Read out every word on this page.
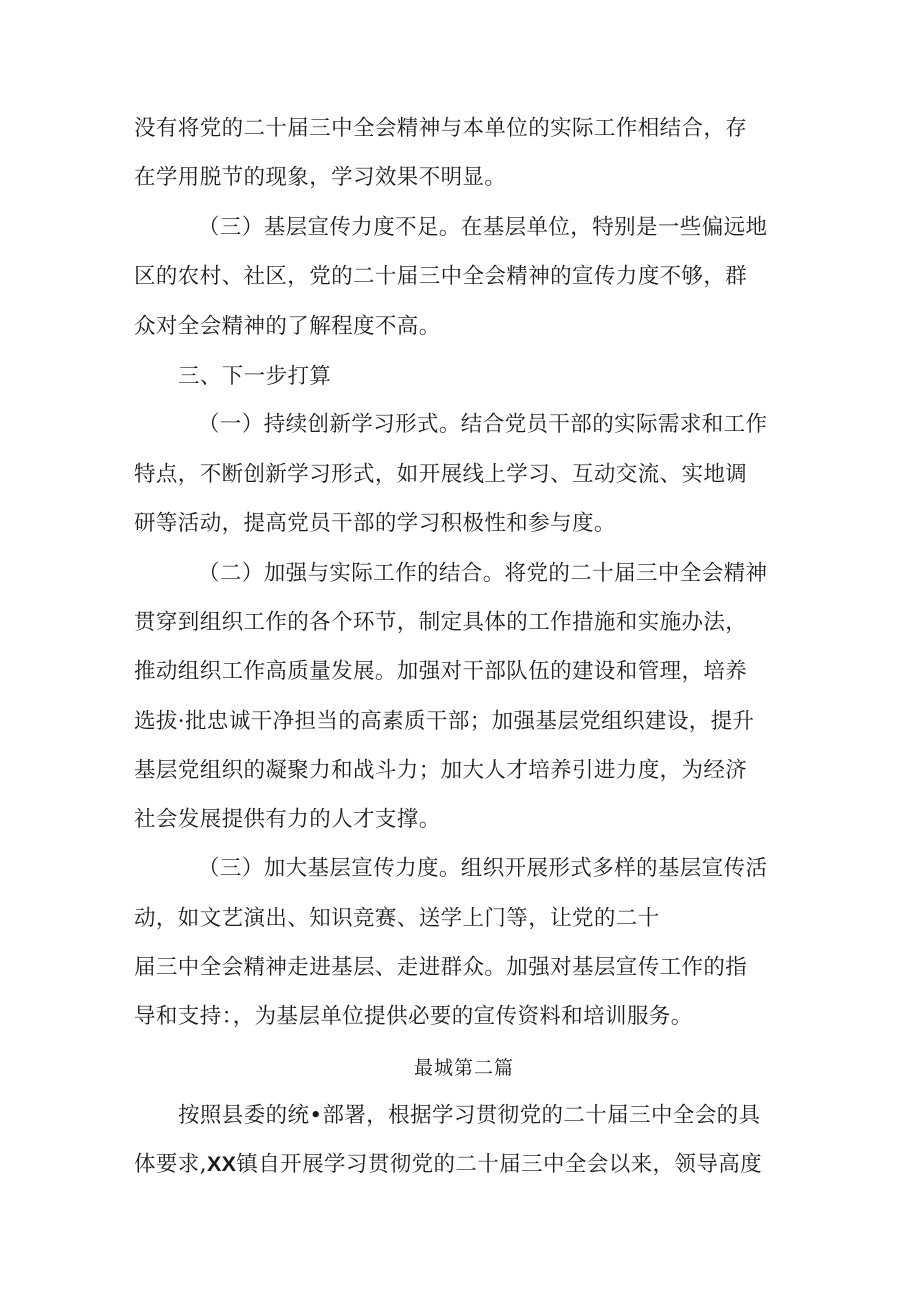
没有将党的二十届三中全会精神与本单位的实际工作相结合，存
在学用脱节的现象，学习效果不明显。
（三）基层宣传力度不足。在基层单位，特别是一些偏远地
区的农村、社区，党的二十届三中全会精神的宣传力度不够，群
众对全会精神的了解程度不高。
三、下一步打算
（一）持续创新学习形式。结合党员干部的实际需求和工作
特点，不断创新学习形式，如开展线上学习、互动交流、实地调
研等活动，提高党员干部的学习积极性和参与度。
（二）加强与实际工作的结合。将党的二十届三中全会精神
贯穿到组织工作的各个环节，制定具体的工作措施和实施办法，
推动组织工作高质量发展。加强对干部队伍的建设和管理，培养
选拔·批忠诚干净担当的高素质干部；加强基层党组织建设，提升
基层党组织的凝聚力和战斗力；加大人才培养引进力度，为经济
社会发展提供有力的人才支撑。
（三）加大基层宣传力度。组织开展形式多样的基层宣传活
动，如文艺演出、知识竞赛、送学上门等，让党的二十
届三中全会精神走进基层、走进群众。加强对基层宣传工作的指
导和支持：，为基层单位提供必要的宣传资料和培训服务。
最城第二篇
按照县委的统•部署，根据学习贯彻党的二十届三中全会的具
体要求,XX镇自开展学习贯彻党的二十届三中全会以来，领导高度
